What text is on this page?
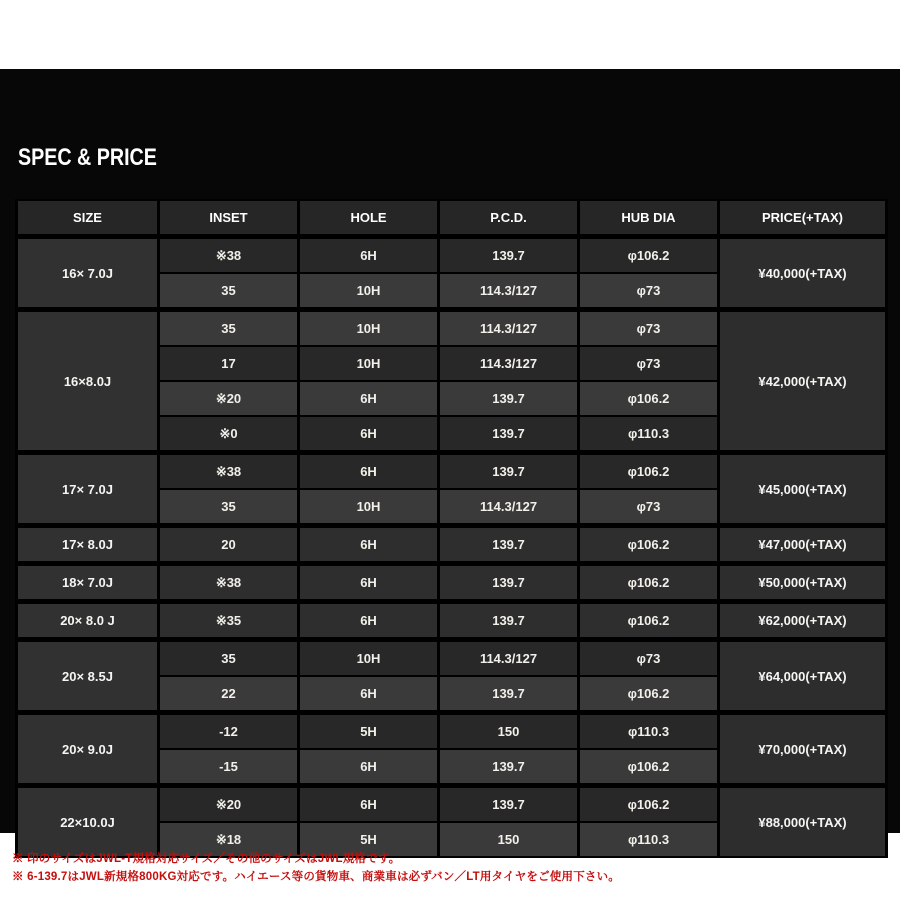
SPEC & PRICE
SIZE	INSET	HOLE	P.C.D.	HUB DIA	PRICE(+TAX)
16× 7.0J	※38	6H	139.7	φ106.2	¥40,000(+TAX)
	35	10H	114.3/127	φ73	
16×8.0J	35	10H	114.3/127	φ73	¥42,000(+TAX)
	17	10H	114.3/127	φ73	
	※20	6H	139.7	φ106.2	
	※0	6H	139.7	φ110.3	
17× 7.0J	※38	6H	139.7	φ106.2	¥45,000(+TAX)
	35	10H	114.3/127	φ73	
17× 8.0J	20	6H	139.7	φ106.2	¥47,000(+TAX)
18× 7.0J	※38	6H	139.7	φ106.2	¥50,000(+TAX)
20× 8.0 J	※35	6H	139.7	φ106.2	¥62,000(+TAX)
20× 8.5J	35	10H	114.3/127	φ73	¥64,000(+TAX)
	22	6H	139.7	φ106.2	
20× 9.0J	-12	5H	150	φ110.3	¥70,000(+TAX)
	-15	6H	139.7	φ106.2	
22×10.0J	※20	6H	139.7	φ106.2	¥88,000(+TAX)
	※18	5H	150	φ110.3	

※ 印のサイズはJWL-T規格対応サイズ／その他のサイズはJWL規格です。

※ 6-139.7はJWL新規格800KG対応です。ハイエース等の貨物車、商業車は必ずバン／LT用タイヤをご使用下さい。
